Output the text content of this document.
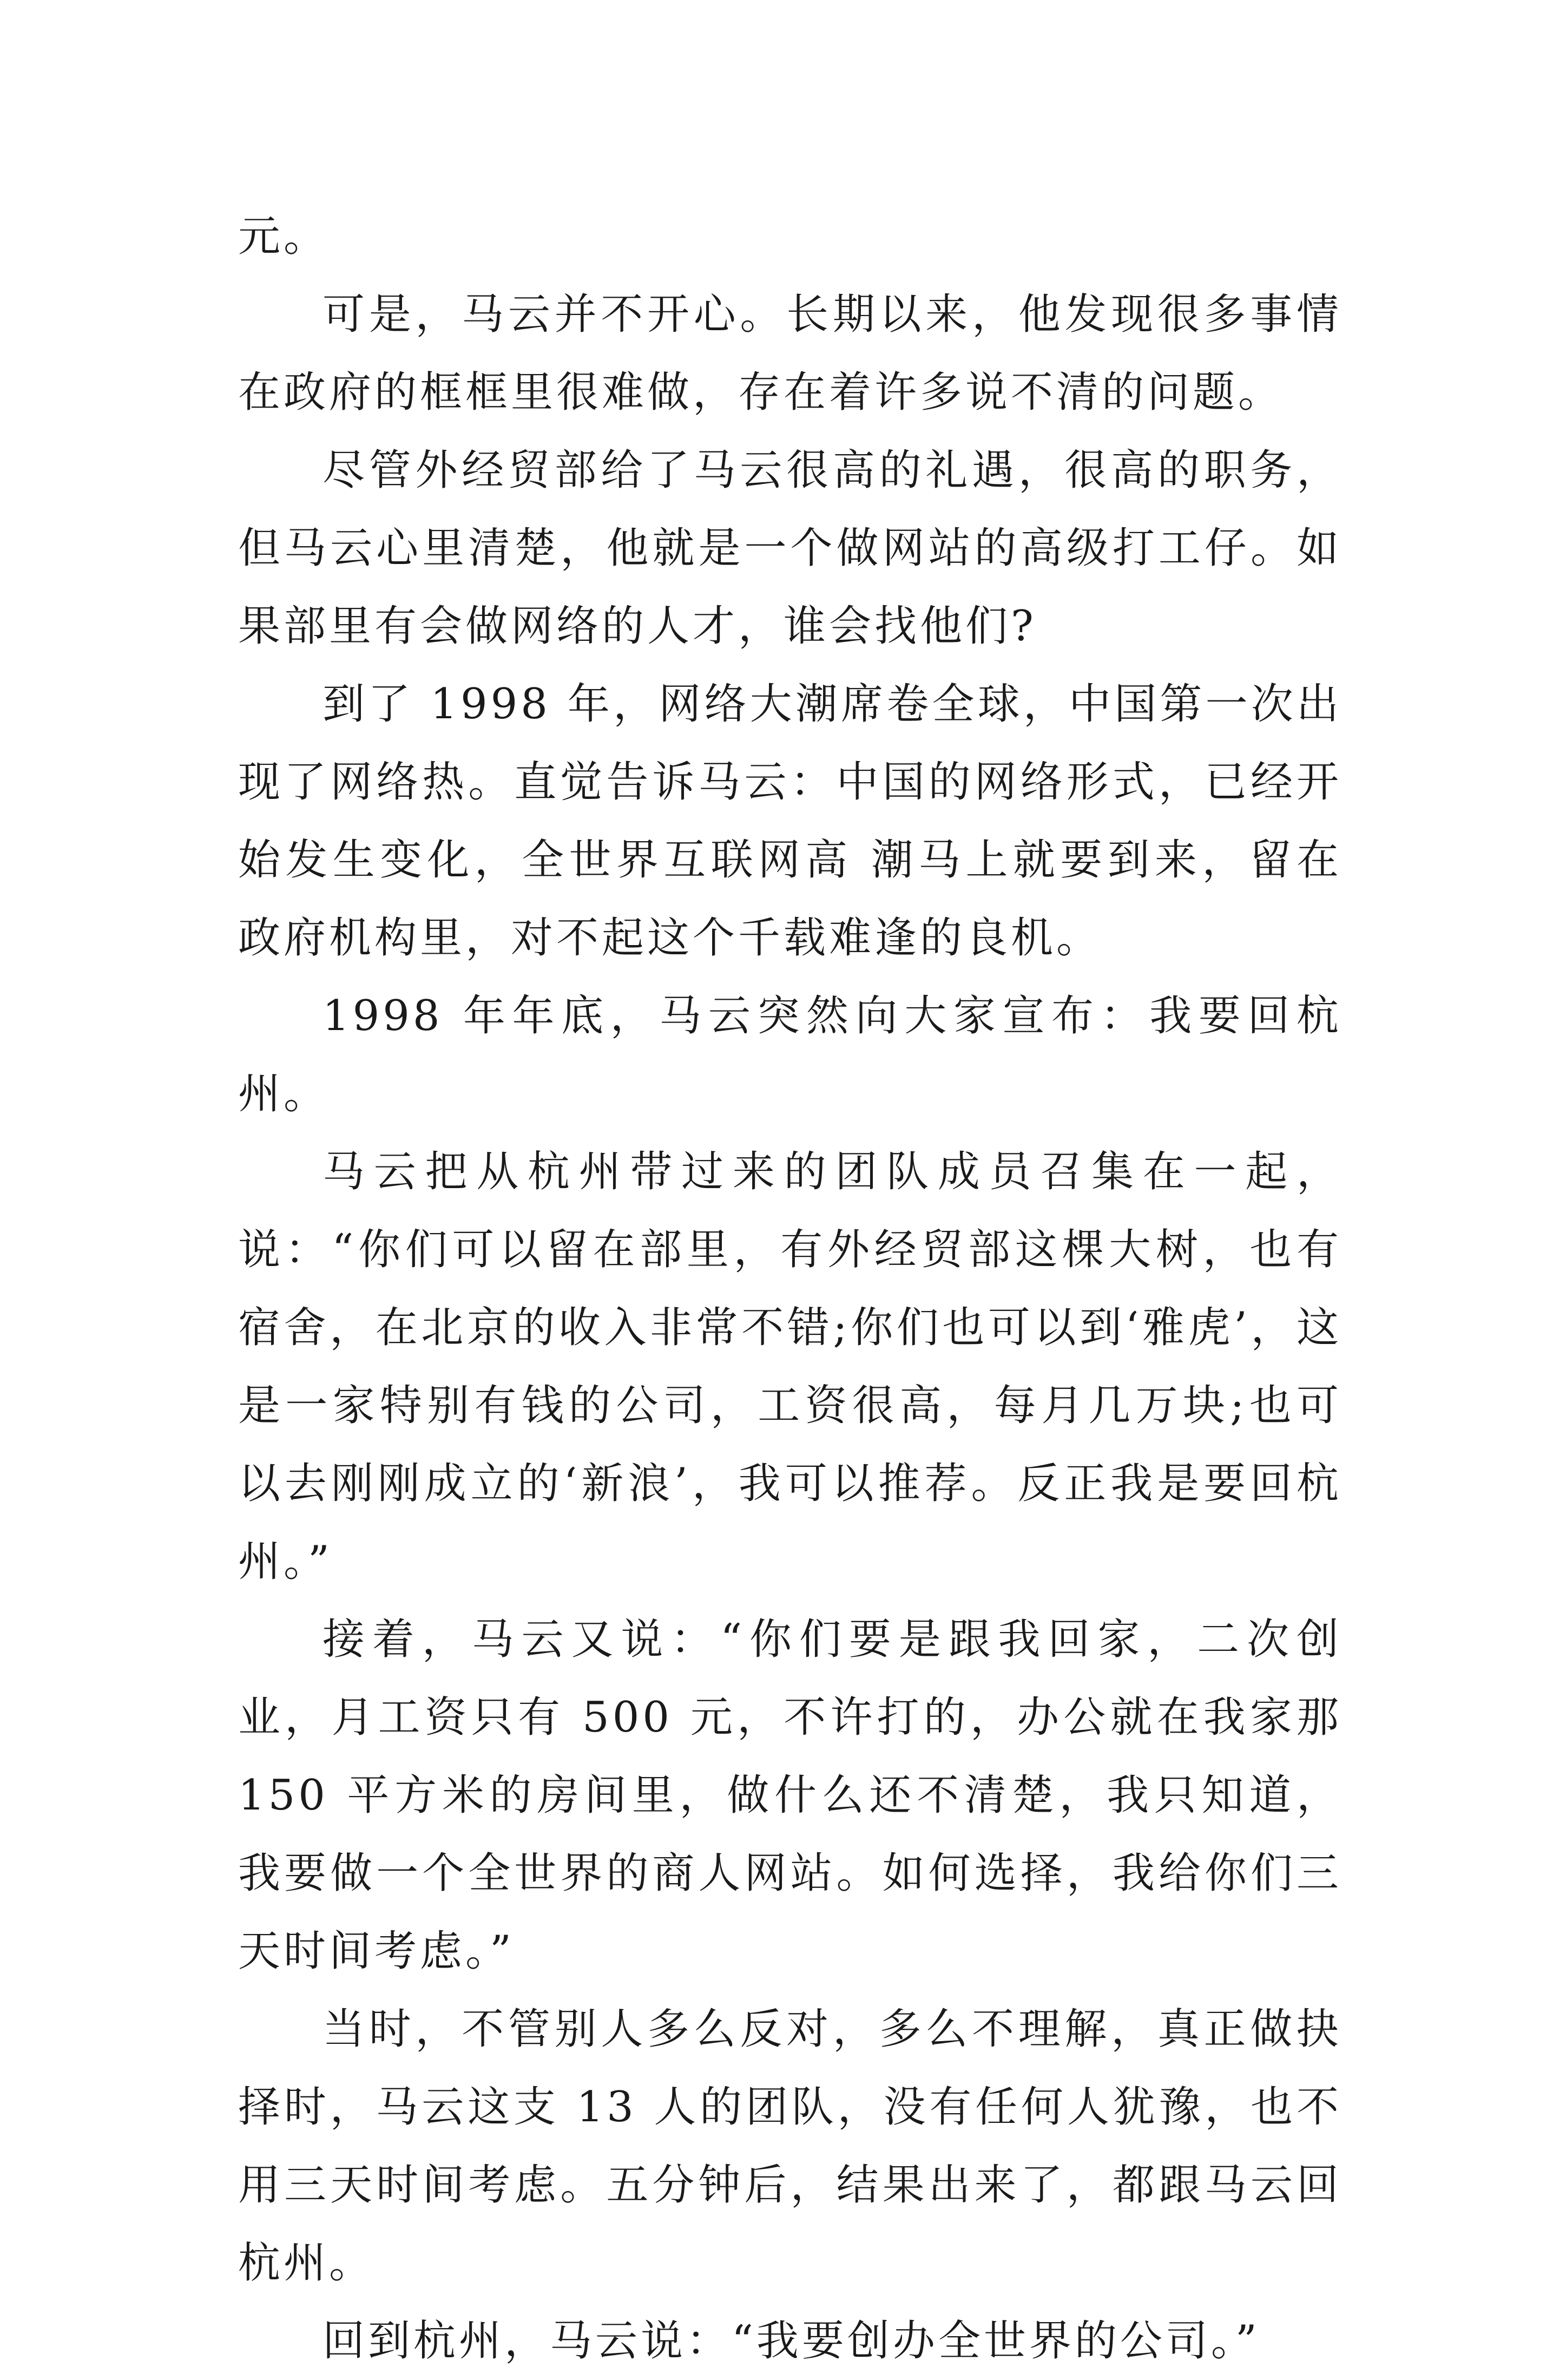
元。

可是，马云并不开心。长期以来，他发现很多事情在政府的框框里很难做，存在着许多说不清的问题。

尽管外经贸部给了马云很高的礼遇，很高的职务，但马云心里清楚，他就是一个做网站的高级打工仔。如果部里有会做网络的人才，谁会找他们?

到了 1998 年，网络大潮席卷全球，中国第一次出现了网络热。直觉告诉马云：中国的网络形式，已经开始发生变化，全世界互联网高 潮马上就要到来，留在政府机构里，对不起这个千载难逢的良机。

1998 年年底，马云突然向大家宣布：我要回杭州。

马云把从杭州带过来的团队成员召集在一起，说：“你们可以留在部里，有外经贸部这棵大树，也有宿舍，在北京的收入非常不错;你们也可以到‘雅虎’，这是一家特别有钱的公司，工资很高，每月几万块;也可以去刚刚成立的‘新浪’，我可以推荐。反正我是要回杭州。”

接着，马云又说：“你们要是跟我回家，二次创业，月工资只有 500 元，不许打的，办公就在我家那 150 平方米的房间里，做什么还不清楚，我只知道，我要做一个全世界的商人网站。如何选择，我给你们三天时间考虑。”

当时，不管别人多么反对，多么不理解，真正做抉择时，马云这支 13 人的团队，没有任何人犹豫，也不用三天时间考虑。五分钟后，结果出来了，都跟马云回杭州。

回到杭州，马云说：“我要创办全世界的公司。”
